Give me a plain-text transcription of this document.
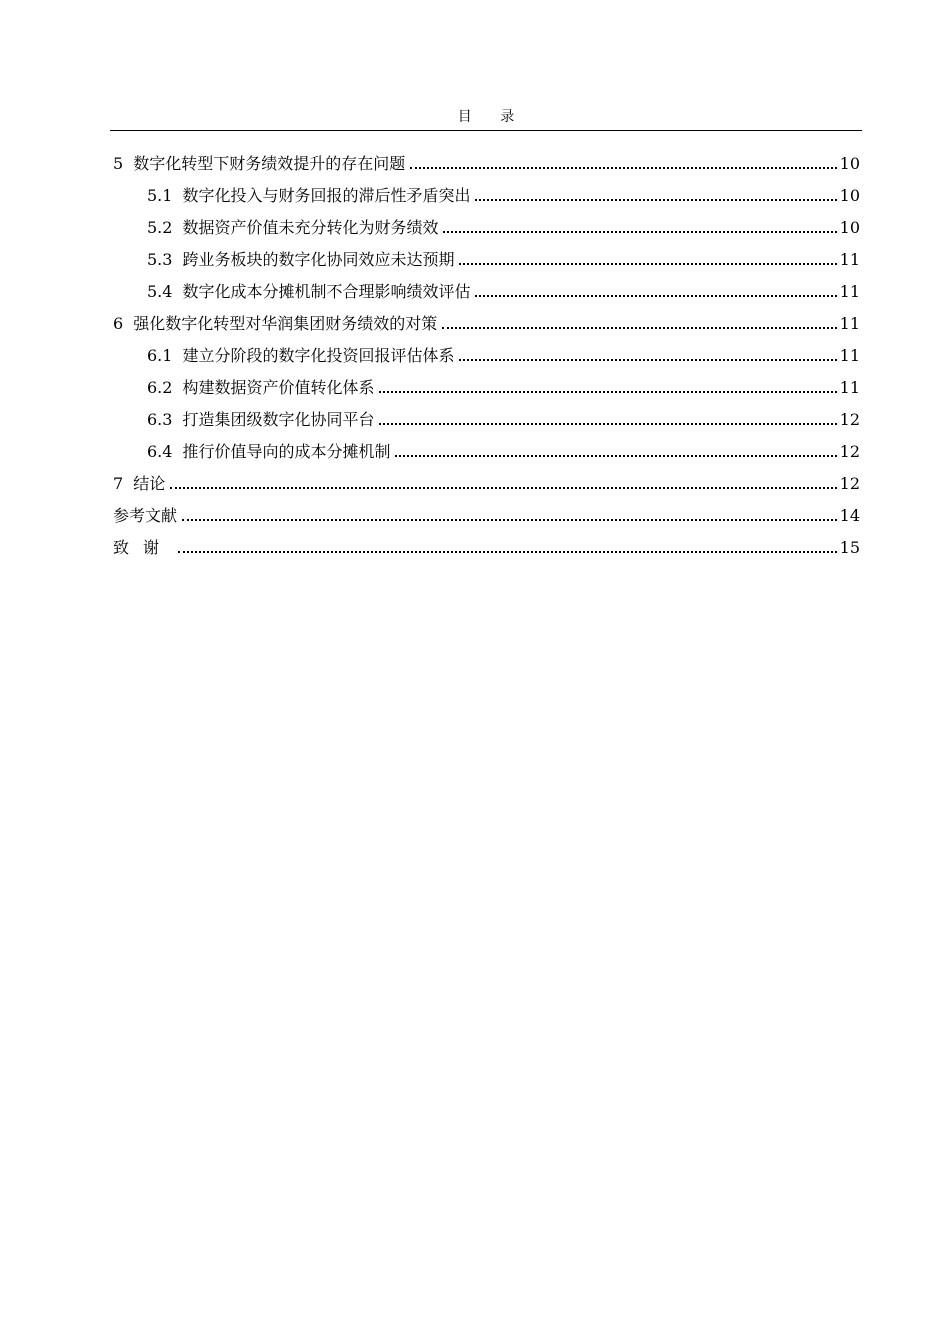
目 录
5 数字化转型下财务绩效提升的存在问题	10
5.1 数字化投入与财务回报的滞后性矛盾突出	10
5.2 数据资产价值未充分转化为财务绩效	10
5.3 跨业务板块的数字化协同效应未达预期	11
5.4 数字化成本分摊机制不合理影响绩效评估	11
6 强化数字化转型对华润集团财务绩效的对策	11
6.1 建立分阶段的数字化投资回报评估体系	11
6.2 构建数据资产价值转化体系	11
6.3 打造集团级数字化协同平台	12
6.4 推行价值导向的成本分摊机制	12
7 结论	12
参考文献	14
致谢	15
